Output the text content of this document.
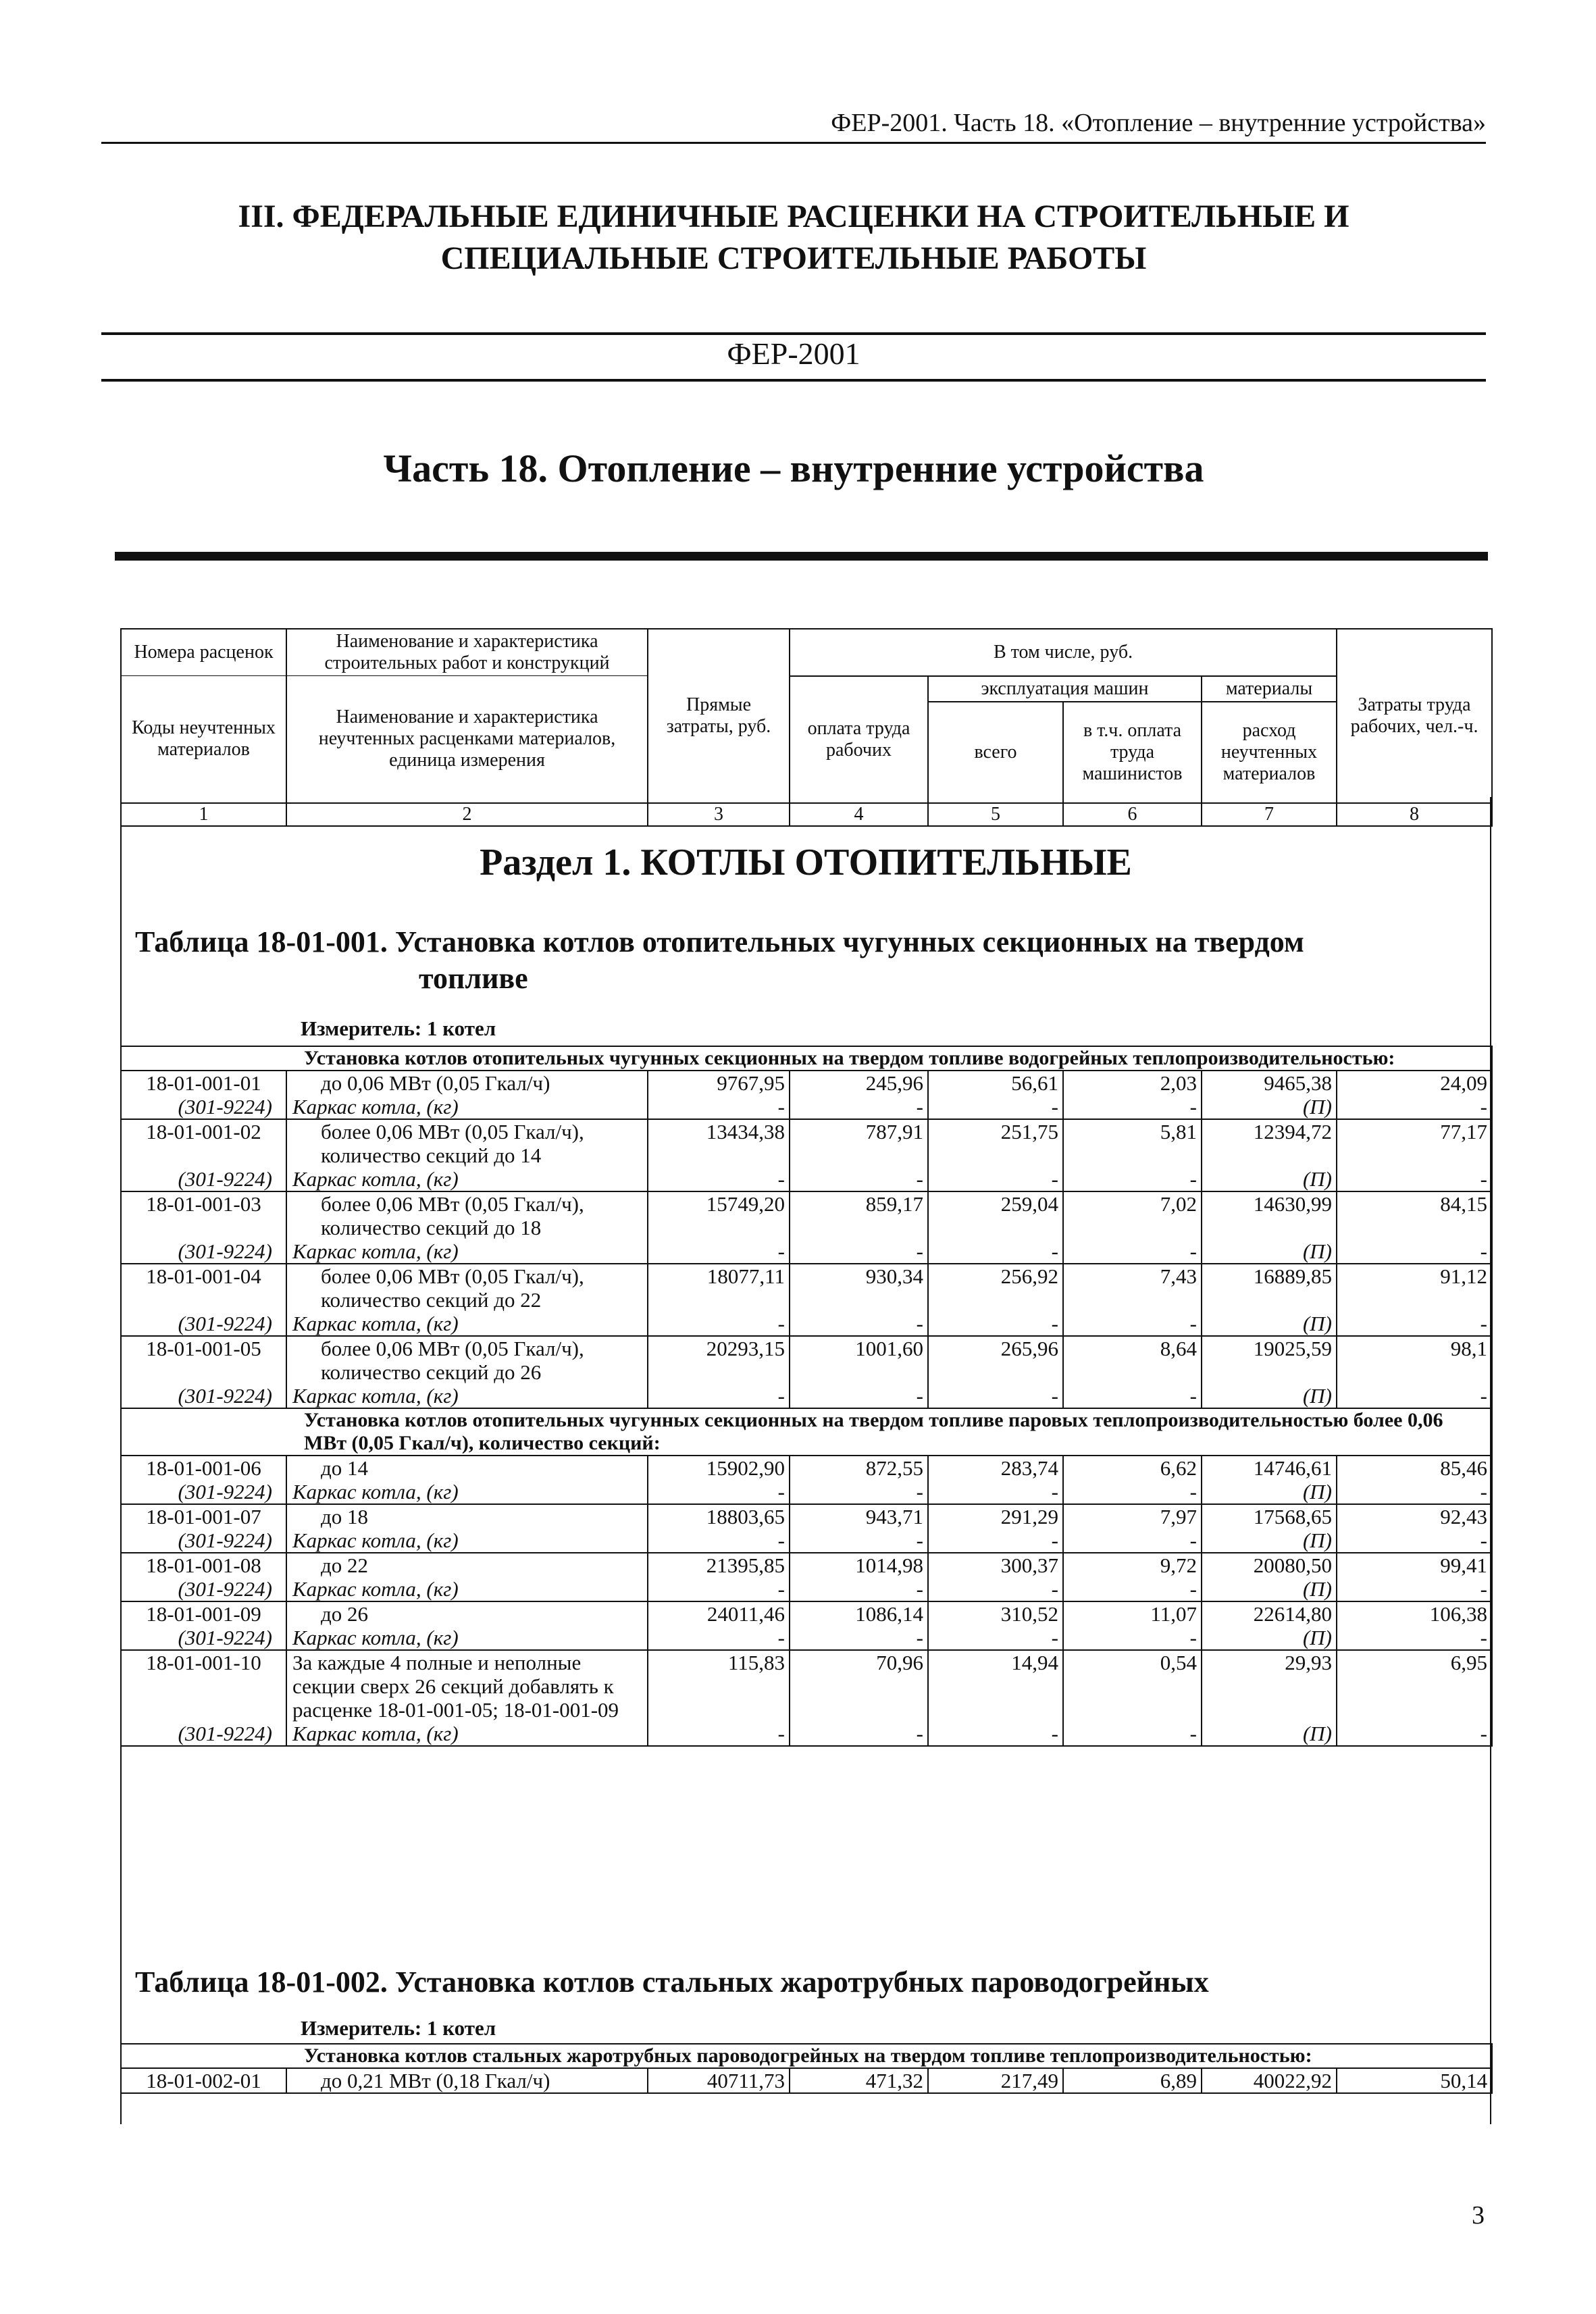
ФЕР-2001. Часть 18. «Отопление – внутренние устройства»
III. ФЕДЕРАЛЬНЫЕ ЕДИНИЧНЫЕ РАСЦЕНКИ НА СТРОИТЕЛЬНЫЕ И
СПЕЦИАЛЬНЫЕ СТРОИТЕЛЬНЫЕ РАБОТЫ
ФЕР-2001
Часть 18. Отопление – внутренние устройства
Номера расценок	Наименование и характеристика строительных работ и конструкций	Прямые затраты, руб.	В том числе, руб.				Затраты труда рабочих, чел.-ч.
Коды неучтенных материалов	Наименование и характеристика неучтенных расценками материалов, единица измерения		оплата труда рабочих	эксплуатация машин		материалы	
				всего	в т.ч. оплата труда машинистов	расход неучтенных материалов	
1	2	3	4	5	6	7	8
Раздел 1. КОТЛЫ ОТОПИТЕЛЬНЫЕ
Таблица 18-01-001. Установка котлов отопительных чугунных секционных на твердом
топливе
Измеритель: 1 котел
Установка котлов отопительных чугунных секционных на твердом топливе водогрейных теплопроизводительностью:							
18-01-001-01	до 0,06 МВт (0,05 Гкал/ч)	9767,95	245,96	56,61	2,03	9465,38	24,09
(301-9224)	Каркас котла, (кг)	-	-	-	-	(П)	-
18-01-001-02	более 0,06 МВт (0,05 Гкал/ч), количество секций до 14	13434,38	787,91	251,75	5,81	12394,72	77,17
(301-9224)	Каркас котла, (кг)	-	-	-	-	(П)	-
18-01-001-03	более 0,06 МВт (0,05 Гкал/ч), количество секций до 18	15749,20	859,17	259,04	7,02	14630,99	84,15
(301-9224)	Каркас котла, (кг)	-	-	-	-	(П)	-
18-01-001-04	более 0,06 МВт (0,05 Гкал/ч), количество секций до 22	18077,11	930,34	256,92	7,43	16889,85	91,12
(301-9224)	Каркас котла, (кг)	-	-	-	-	(П)	-
18-01-001-05	более 0,06 МВт (0,05 Гкал/ч), количество секций до 26	20293,15	1001,60	265,96	8,64	19025,59	98,1
(301-9224)	Каркас котла, (кг)	-	-	-	-	(П)	-
Установка котлов отопительных чугунных секционных на твердом топливе паровых теплопроизводительностью более 0,06 МВт (0,05 Гкал/ч), количество секций:							
18-01-001-06	до 14	15902,90	872,55	283,74	6,62	14746,61	85,46
(301-9224)	Каркас котла, (кг)	-	-	-	-	(П)	-
18-01-001-07	до 18	18803,65	943,71	291,29	7,97	17568,65	92,43
(301-9224)	Каркас котла, (кг)	-	-	-	-	(П)	-
18-01-001-08	до 22	21395,85	1014,98	300,37	9,72	20080,50	99,41
(301-9224)	Каркас котла, (кг)	-	-	-	-	(П)	-
18-01-001-09	до 26	24011,46	1086,14	310,52	11,07	22614,80	106,38
(301-9224)	Каркас котла, (кг)	-	-	-	-	(П)	-
18-01-001-10	За каждые 4 полные и неполные секции сверх 26 секций добавлять к расценке 18-01-001-05; 18-01-001-09	115,83	70,96	14,94	0,54	29,93	6,95
(301-9224)	Каркас котла, (кг)	-	-	-	-	(П)	-
Таблица 18-01-002. Установка котлов стальных жаротрубных пароводогрейных
Измеритель: 1 котел
Установка котлов стальных жаротрубных пароводогрейных на твердом топливе теплопроизводительностью:
18-01-002-01	до 0,21 МВт (0,18 Гкал/ч)	40711,73	471,32	217,49	6,89	40022,92	50,14
3
